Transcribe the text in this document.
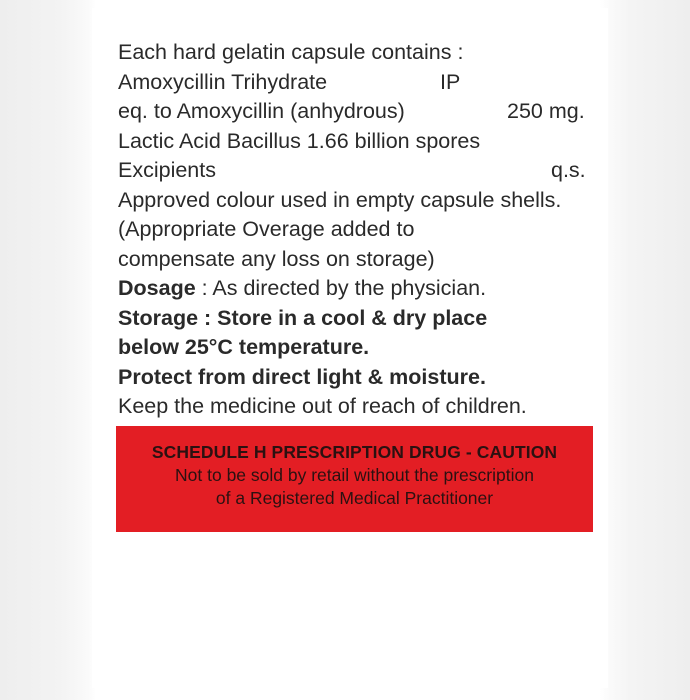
Each hard gelatin capsule contains :
Amoxycillin Trihydrate	IP
eq. to Amoxycillin (anhydrous)	250 mg.
Lactic Acid Bacillus 1.66 billion spores
Excipients	q.s.
Approved colour used in empty capsule shells.
(Appropriate Overage added to
compensate any loss on storage)
Dosage : As directed by the physician.
Storage : Store in a cool & dry place
below 25°C temperature.
Protect from direct light & moisture.
Keep the medicine out of reach of children.
SCHEDULE H PRESCRIPTION DRUG - CAUTION
Not to be sold by retail without the prescription
of a Registered Medical Practitioner
